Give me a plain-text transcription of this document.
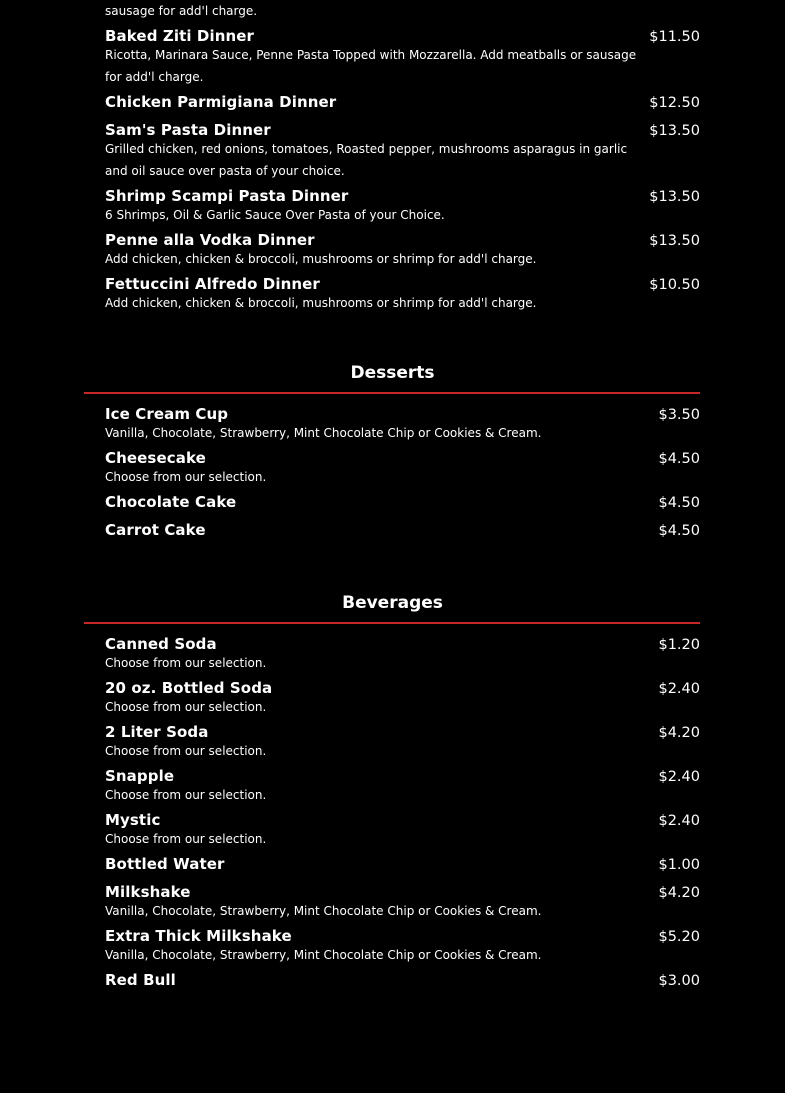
sausage for add'l charge.
Baked Ziti Dinner	$11.50
Ricotta, Marinara Sauce, Penne Pasta Topped with Mozzarella. Add meatballs or sausage for add'l charge.
Chicken Parmigiana Dinner	$12.50
Sam's Pasta Dinner	$13.50
Grilled chicken, red onions, tomatoes, Roasted pepper, mushrooms asparagus in garlic and oil sauce over pasta of your choice.
Shrimp Scampi Pasta Dinner	$13.50
6 Shrimps, Oil & Garlic Sauce Over Pasta of your Choice.
Penne alla Vodka Dinner	$13.50
Add chicken, chicken & broccoli, mushrooms or shrimp for add'l charge.
Fettuccini Alfredo Dinner	$10.50
Add chicken, chicken & broccoli, mushrooms or shrimp for add'l charge.
Desserts
Ice Cream Cup	$3.50
Vanilla, Chocolate, Strawberry, Mint Chocolate Chip or Cookies & Cream.
Cheesecake	$4.50
Choose from our selection.
Chocolate Cake	$4.50
Carrot Cake	$4.50
Beverages
Canned Soda	$1.20
Choose from our selection.
20 oz. Bottled Soda	$2.40
Choose from our selection.
2 Liter Soda	$4.20
Choose from our selection.
Snapple	$2.40
Choose from our selection.
Mystic	$2.40
Choose from our selection.
Bottled Water	$1.00
Milkshake	$4.20
Vanilla, Chocolate, Strawberry, Mint Chocolate Chip or Cookies & Cream.
Extra Thick Milkshake	$5.20
Vanilla, Chocolate, Strawberry, Mint Chocolate Chip or Cookies & Cream.
Red Bull	$3.00
